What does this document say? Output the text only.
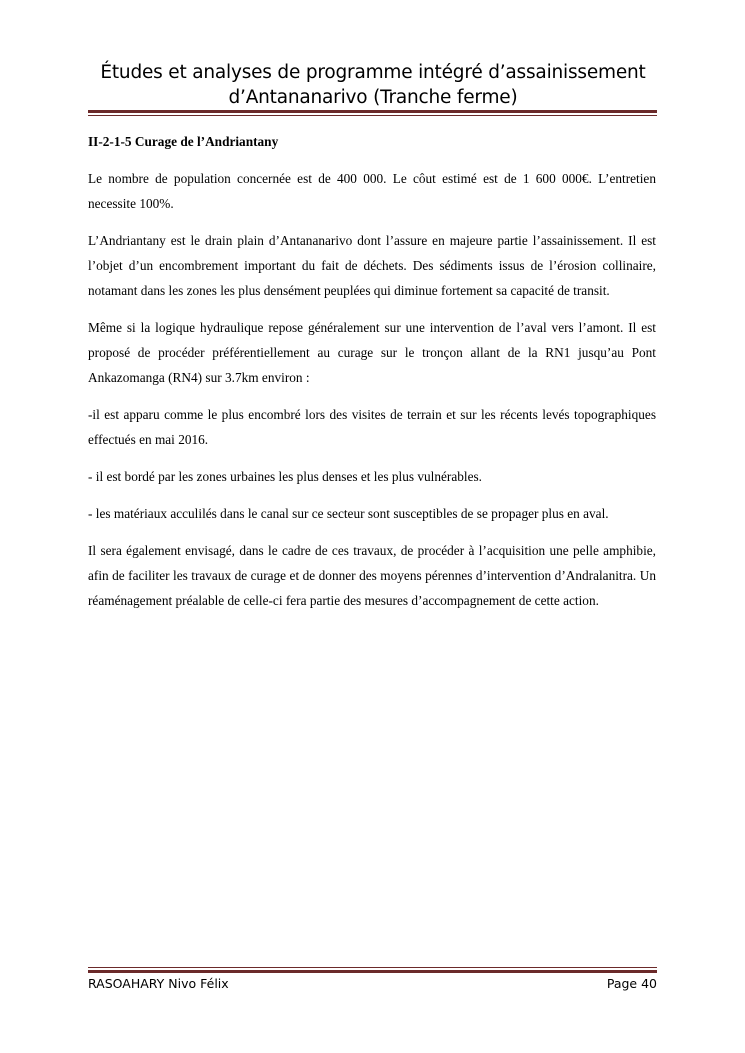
Études et analyses de programme intégré d’assainissement
d’Antananarivo (Tranche ferme)
II-2-1-5 Curage de l’Andriantany

Le nombre de population concernée est de 400 000. Le côut estimé est de 1 600 000€. L’entretien necessite 100%.

L’Andriantany est le drain plain d’Antananarivo dont l’assure en majeure partie l’assainissement. Il est l’objet d’un encombrement important du fait de déchets. Des sédiments issus de l’érosion collinaire, notamant dans les zones les plus densément peuplées qui diminue fortement sa capacité de transit.

Même si la logique hydraulique repose généralement sur une intervention de l’aval vers l’amont. Il est proposé de procéder préférentiellement au curage sur le tronçon allant de la RN1 jusqu’au Pont Ankazomanga (RN4) sur 3.7km environ :

-il est apparu comme le plus encombré lors des visites de terrain et sur les récents levés topographiques effectués en mai 2016.

- il est bordé par les zones urbaines les plus denses et les plus vulnérables.

- les matériaux acculilés dans le canal sur ce secteur sont susceptibles de se propager plus en aval.

Il sera également envisagé, dans le cadre de ces travaux, de procéder à l’acquisition une pelle amphibie, afin de faciliter les travaux de curage et de donner des moyens pérennes d’intervention d’Andralanitra. Un réaménagement préalable de celle-ci fera partie des mesures d’accompagnement de cette action.

RASOAHARY Nivo Félix	Page 40
